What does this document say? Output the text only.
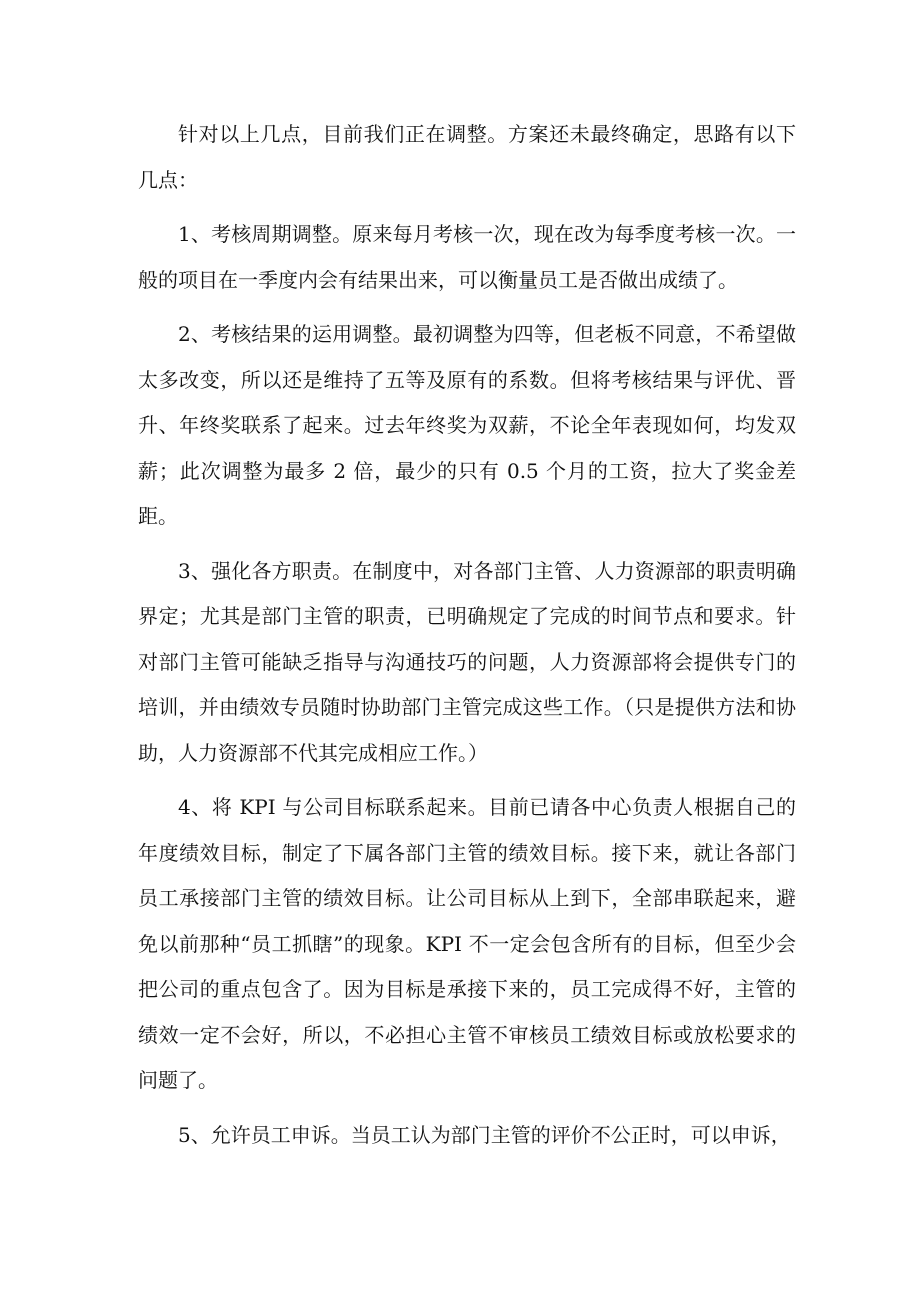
针对以上几点，目前我们正在调整。方案还未最终确定，思路有以下几点：

1、考核周期调整。原来每月考核一次，现在改为每季度考核一次。一般的项目在一季度内会有结果出来，可以衡量员工是否做出成绩了。

2、考核结果的运用调整。最初调整为四等，但老板不同意，不希望做太多改变，所以还是维持了五等及原有的系数。但将考核结果与评优、晋升、年终奖联系了起来。过去年终奖为双薪，不论全年表现如何，均发双薪；此次调整为最多 2 倍，最少的只有 0.5 个月的工资，拉大了奖金差距。

3、强化各方职责。在制度中，对各部门主管、人力资源部的职责明确界定；尤其是部门主管的职责，已明确规定了完成的时间节点和要求。针对部门主管可能缺乏指导与沟通技巧的问题，人力资源部将会提供专门的培训，并由绩效专员随时协助部门主管完成这些工作。（只是提供方法和协助，人力资源部不代其完成相应工作。）

4、将 KPI 与公司目标联系起来。目前已请各中心负责人根据自己的年度绩效目标，制定了下属各部门主管的绩效目标。接下来，就让各部门员工承接部门主管的绩效目标。让公司目标从上到下，全部串联起来，避免以前那种“员工抓瞎”的现象。KPI 不一定会包含所有的目标，但至少会把公司的重点包含了。因为目标是承接下来的，员工完成得不好，主管的绩效一定不会好，所以，不必担心主管不审核员工绩效目标或放松要求的问题了。

5、允许员工申诉。当员工认为部门主管的评价不公正时，可以申诉，
